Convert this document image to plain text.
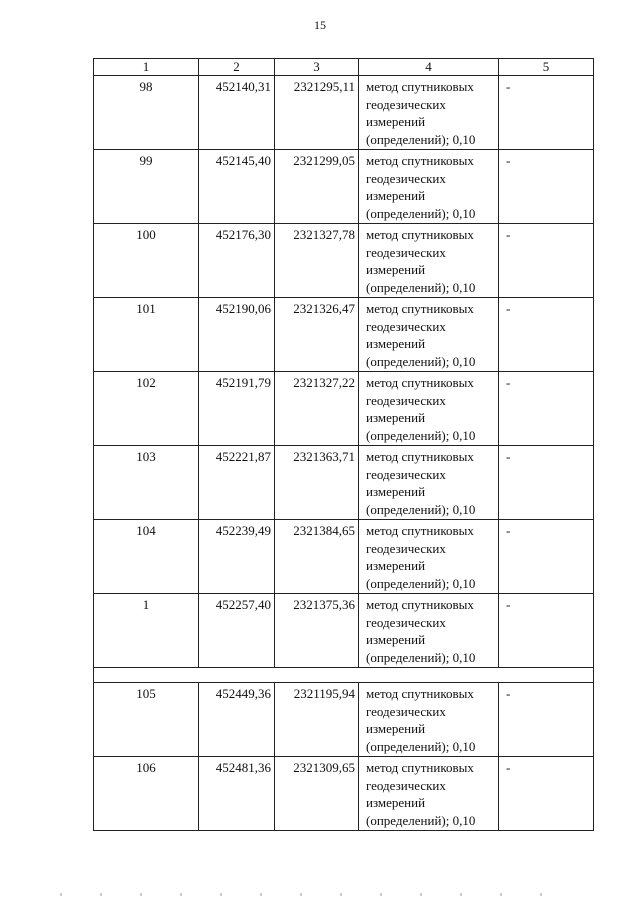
15
1	2	3	4	5
98	452140,31	2321295,11	метод спутниковых
геодезических
измерений
(определений); 0,10	-
99	452145,40	2321299,05	метод спутниковых
геодезических
измерений
(определений); 0,10	-
100	452176,30	2321327,78	метод спутниковых
геодезических
измерений
(определений); 0,10	-
101	452190,06	2321326,47	метод спутниковых
геодезических
измерений
(определений); 0,10	-
102	452191,79	2321327,22	метод спутниковых
геодезических
измерений
(определений); 0,10	-
103	452221,87	2321363,71	метод спутниковых
геодезических
измерений
(определений); 0,10	-
104	452239,49	2321384,65	метод спутниковых
геодезических
измерений
(определений); 0,10	-
1	452257,40	2321375,36	метод спутниковых
геодезических
измерений
(определений); 0,10	-

105	452449,36	2321195,94	метод спутниковых
геодезических
измерений
(определений); 0,10	-
106	452481,36	2321309,65	метод спутниковых
геодезических
измерений
(определений); 0,10	-
